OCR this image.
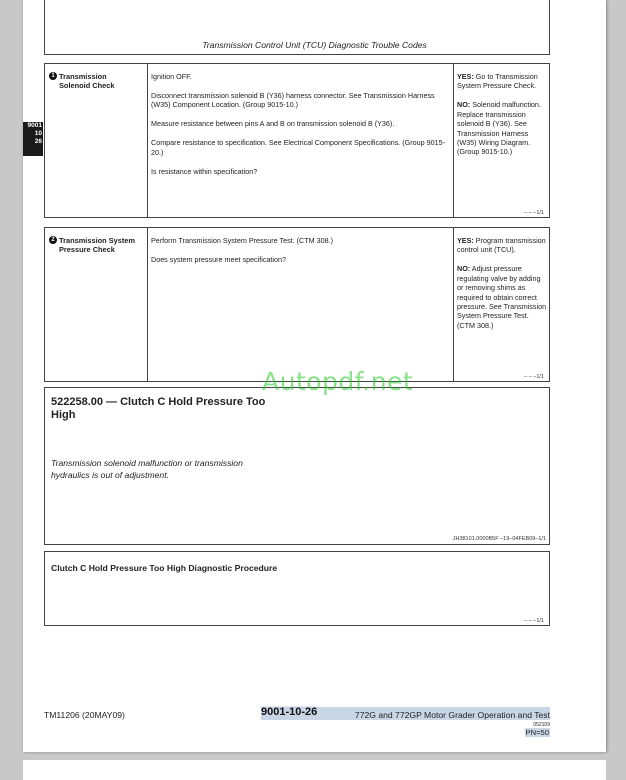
Transmission Control Unit (TCU) Diagnostic Trouble Codes
9001
10
26
1 Transmission
Solenoid Check

Ignition OFF.

Disconnect transmission solenoid B (Y36) harness connector. See Transmission Harness (W35) Component Location. (Group 9015-10.)

Measure resistance between pins A and B on transmission solenoid B (Y36).

Compare resistance to specification. See Electrical Component Specifications. (Group 9015-20.)

Is resistance within specification?

YES: Go to Transmission System Pressure Check.

NO: Solenoid malfunction. Replace transmission solenoid B (Y36). See Transmission Harness (W35) Wiring Diagram. (Group 9015-10.)

– – –1/1
2 Transmission System
Pressure Check

Perform Transmission System Pressure Test. (CTM 308.)

Does system pressure meet specification?

YES: Program transmission control unit (TCU).

NO: Adjust pressure regulating valve by adding or removing shims as required to obtain correct pressure. See Transmission System Pressure Test. (CTM 308.)

– – –1/1
522258.00 — Clutch C Hold Pressure Too High
Transmission solenoid malfunction or transmission hydraulics is out of adjustment.
JH38101,0000B5F –19–04FEB09–1/1
Clutch C Hold Pressure Too High Diagnostic Procedure
– – –1/1
Autopdf.net
TM11206 (20MAY09)	772G and 772GP Motor Grader Operation and Test
9001-10-26
052109
PN=50
